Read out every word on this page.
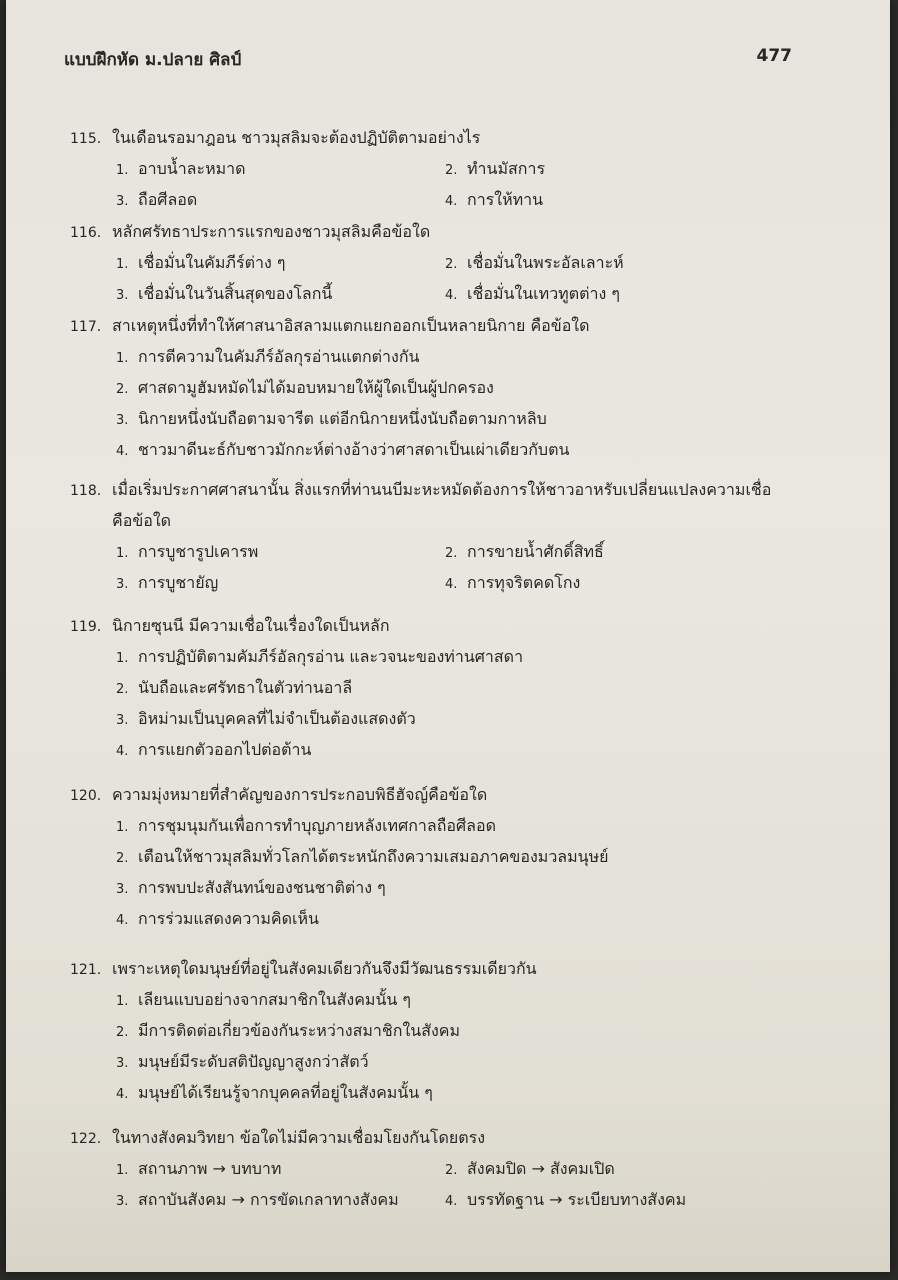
แบบฝึกหัด ม.ปลาย ศิลป์	477
115. ในเดือนรอมาฎอน ชาวมุสลิมจะต้องปฏิบัติตามอย่างไร
1. อาบน้ำละหมาด	2. ทำนมัสการ
3. ถือศีลอด	4. การให้ทาน
116. หลักศรัทธาประการแรกของชาวมุสลิมคือข้อใด
1. เชื่อมั่นในคัมภีร์ต่าง ๆ	2. เชื่อมั่นในพระอัลเลาะห์
3. เชื่อมั่นในวันสิ้นสุดของโลกนี้	4. เชื่อมั่นในเทวทูตต่าง ๆ
117. สาเหตุหนึ่งที่ทำให้ศาสนาอิสลามแตกแยกออกเป็นหลายนิกาย คือข้อใด
1. การตีความในคัมภีร์อัลกุรอ่านแตกต่างกัน
2. ศาสดามูฮัมหมัดไม่ได้มอบหมายให้ผู้ใดเป็นผู้ปกครอง
3. นิกายหนึ่งนับถือตามจารีต แต่อีกนิกายหนึ่งนับถือตามกาหลิบ
4. ชาวมาดีนะธ์กับชาวมักกะห์ต่างอ้างว่าศาสดาเป็นเผ่าเดียวกับตน
118. เมื่อเริ่มประกาศศาสนานั้น สิ่งแรกที่ท่านนบีมะหะหมัดต้องการให้ชาวอาหรับเปลี่ยนแปลงความเชื่อ
คือข้อใด
1. การบูชารูปเคารพ	2. การขายน้ำศักดิ์สิทธิ์
3. การบูชายัญ	4. การทุจริตคดโกง
119. นิกายซุนนี มีความเชื่อในเรื่องใดเป็นหลัก
1. การปฏิบัติตามคัมภีร์อัลกุรอ่าน และวจนะของท่านศาสดา
2. นับถือและศรัทธาในตัวท่านอาลี
3. อิหม่ามเป็นบุคคลที่ไม่จำเป็นต้องแสดงตัว
4. การแยกตัวออกไปต่อต้าน
120. ความมุ่งหมายที่สำคัญของการประกอบพิธีฮัจญ์คือข้อใด
1. การชุมนุมกันเพื่อการทำบุญภายหลังเทศกาลถือศีลอด
2. เตือนให้ชาวมุสลิมทั่วโลกได้ตระหนักถึงความเสมอภาคของมวลมนุษย์
3. การพบปะสังสันทน์ของชนชาติต่าง ๆ
4. การร่วมแสดงความคิดเห็น
121. เพราะเหตุใดมนุษย์ที่อยู่ในสังคมเดียวกันจึงมีวัฒนธรรมเดียวกัน
1. เลียนแบบอย่างจากสมาชิกในสังคมนั้น ๆ
2. มีการติดต่อเกี่ยวข้องกันระหว่างสมาชิกในสังคม
3. มนุษย์มีระดับสติปัญญาสูงกว่าสัตว์
4. มนุษย์ได้เรียนรู้จากบุคคลที่อยู่ในสังคมนั้น ๆ
122. ในทางสังคมวิทยา ข้อใดไม่มีความเชื่อมโยงกันโดยตรง
1. สถานภาพ → บทบาท	2. สังคมปิด → สังคมเปิด
3. สถาบันสังคม → การขัดเกลาทางสังคม	4. บรรทัดฐาน → ระเบียบทางสังคม
